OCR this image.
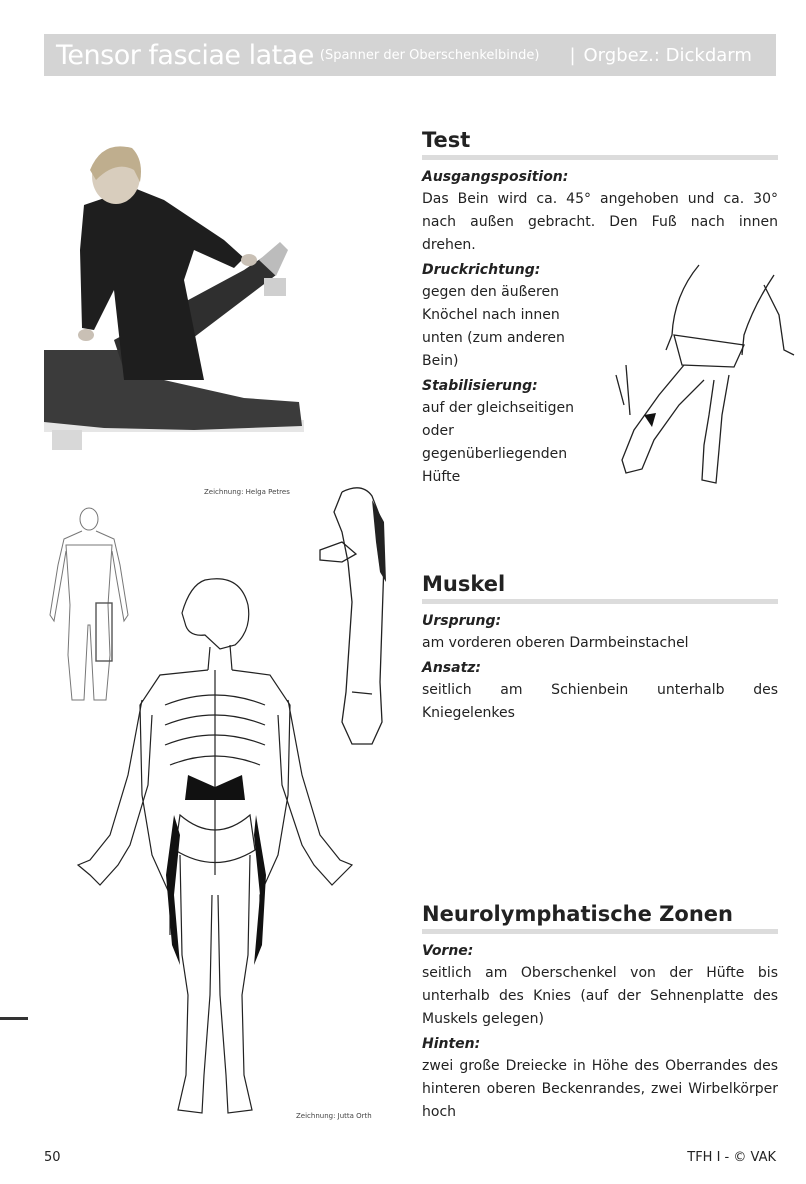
Tensor fasciae latae (Spanner der Oberschenkelbinde) | Orgbez.: Dickdarm
Zeichnung: Helga Petres
Zeichnung: Jutta Orth
Test
Ausgangsposition:
Das Bein wird ca. 45° angehoben und ca. 30° nach außen gebracht. Den Fuß nach innen drehen.
Druckrichtung:
gegen den äußeren Knöchel nach innen unten (zum anderen Bein)
Stabilisierung:
auf der gleichseitigen oder gegenüberliegenden Hüfte
Muskel
Ursprung:
am vorderen oberen Darmbeinstachel
Ansatz:
seitlich am Schienbein unterhalb des Kniegelenkes
Neurolymphatische Zonen
Vorne:
seitlich am Oberschenkel von der Hüfte bis unterhalb des Knies (auf der Sehnenplatte des Muskels gelegen)
Hinten:
zwei große Dreiecke in Höhe des Oberrandes des hinteren oberen Beckenrandes, zwei Wirbelkörper hoch
50	TFH I - © VAK
